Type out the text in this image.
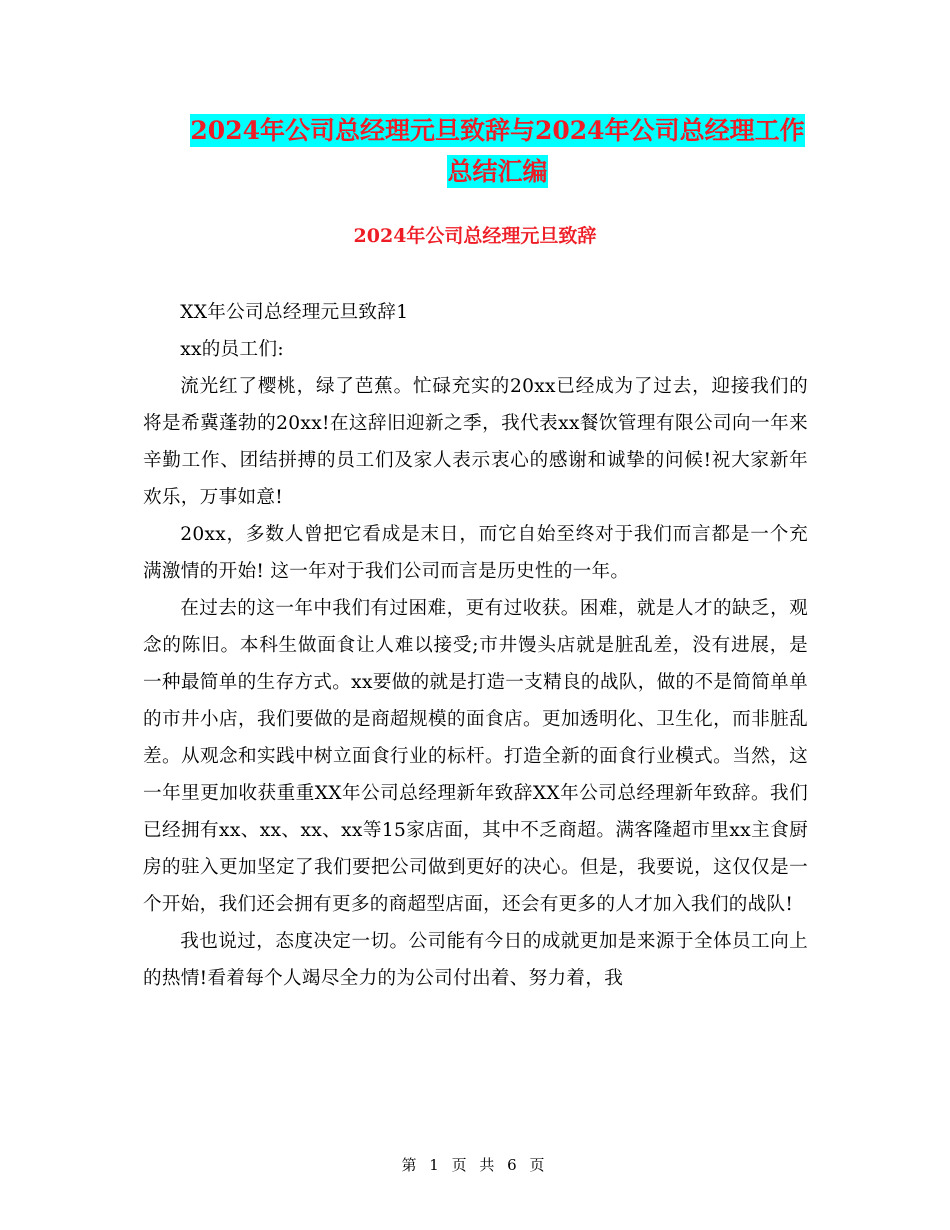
2024年公司总经理元旦致辞与2024年公司总经理工作
总结汇编
2024年公司总经理元旦致辞

XX年公司总经理元旦致辞1

xx的员工们:

流光红了樱桃，绿了芭蕉。忙碌充实的20xx已经成为了过去，迎接我们的将是希冀蓬勃的20xx!在这辞旧迎新之季，我代表xx餐饮管理有限公司向一年来辛勤工作、团结拼搏的员工们及家人表示衷心的感谢和诚挚的问候!祝大家新年欢乐，万事如意!

20xx，多数人曾把它看成是末日，而它自始至终对于我们而言都是一个充满激情的开始! 这一年对于我们公司而言是历史性的一年。

在过去的这一年中我们有过困难，更有过收获。困难，就是人才的缺乏，观念的陈旧。本科生做面食让人难以接受;市井馒头店就是脏乱差，没有进展，是一种最简单的生存方式。xx要做的就是打造一支精良的战队，做的不是简简单单的市井小店，我们要做的是商超规模的面食店。更加透明化、卫生化，而非脏乱差。从观念和实践中树立面食行业的标杆。打造全新的面食行业模式。当然，这一年里更加收获重重XX年公司总经理新年致辞XX年公司总经理新年致辞。我们已经拥有xx、xx、xx、xx等15家店面，其中不乏商超。满客隆超市里xx主食厨房的驻入更加坚定了我们要把公司做到更好的决心。但是，我要说，这仅仅是一个开始，我们还会拥有更多的商超型店面，还会有更多的人才加入我们的战队!

我也说过，态度决定一切。公司能有今日的成就更加是来源于全体员工向上的热情!看着每个人竭尽全力的为公司付出着、努力着，我

第 1 页 共 6 页
